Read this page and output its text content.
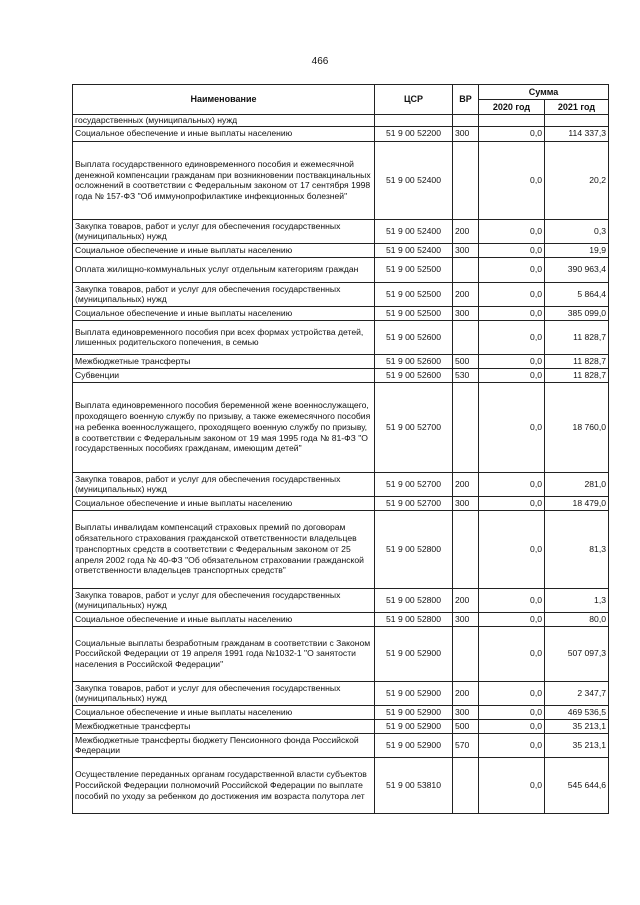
466
Наименование	ЦСР	ВР	Сумма	
			2020 год	2021 год
государственных (муниципальных) нужд				
Социальное обеспечение и иные выплаты населению	51 9 00 52200	300	0,0	114 337,3
Выплата государственного единовременного пособия и ежемесячной денежной компенсации гражданам при возникновении поствакцинальных осложнений в соответствии с Федеральным законом от 17 сентября 1998 года № 157-ФЗ "Об иммунопрофилактике инфекционных болезней"	51 9 00 52400		0,0	20,2
Закупка товаров, работ и услуг для обеспечения государственных (муниципальных) нужд	51 9 00 52400	200	0,0	0,3
Социальное обеспечение и иные выплаты населению	51 9 00 52400	300	0,0	19,9
Оплата жилищно-коммунальных услуг отдельным категориям граждан	51 9 00 52500		0,0	390 963,4
Закупка товаров, работ и услуг для обеспечения государственных (муниципальных) нужд	51 9 00 52500	200	0,0	5 864,4
Социальное обеспечение и иные выплаты населению	51 9 00 52500	300	0,0	385 099,0
Выплата единовременного пособия при всех формах устройства детей, лишенных родительского попечения, в семью	51 9 00 52600		0,0	11 828,7
Межбюджетные трансферты	51 9 00 52600	500	0,0	11 828,7
Субвенции	51 9 00 52600	530	0,0	11 828,7
Выплата единовременного пособия беременной жене военнослужащего, проходящего военную службу по призыву, а также ежемесячного пособия на ребенка военнослужащего, проходящего военную службу по призыву, в соответствии с Федеральным законом от 19 мая 1995 года № 81-ФЗ "О государственных пособиях гражданам, имеющим детей"	51 9 00 52700		0,0	18 760,0
Закупка товаров, работ и услуг для обеспечения государственных (муниципальных) нужд	51 9 00 52700	200	0,0	281,0
Социальное обеспечение и иные выплаты населению	51 9 00 52700	300	0,0	18 479,0
Выплаты инвалидам компенсаций страховых премий по договорам обязательного страхования гражданской ответственности владельцев транспортных средств в соответствии с Федеральным законом от 25 апреля 2002 года № 40-ФЗ "Об обязательном страховании гражданской ответственности владельцев транспортных средств"	51 9 00 52800		0,0	81,3
Закупка товаров, работ и услуг для обеспечения государственных (муниципальных) нужд	51 9 00 52800	200	0,0	1,3
Социальное обеспечение и иные выплаты населению	51 9 00 52800	300	0,0	80,0
Социальные выплаты безработным гражданам в соответствии с Законом Российской Федерации от 19 апреля 1991 года №1032-1 "О занятости населения в Российской Федерации"	51 9 00 52900		0,0	507 097,3
Закупка товаров, работ и услуг для обеспечения государственных (муниципальных) нужд	51 9 00 52900	200	0,0	2 347,7
Социальное обеспечение и иные выплаты населению	51 9 00 52900	300	0,0	469 536,5
Межбюджетные трансферты	51 9 00 52900	500	0,0	35 213,1
Межбюджетные трансферты бюджету Пенсионного фонда Российской Федерации	51 9 00 52900	570	0,0	35 213,1
Осуществление переданных органам государственной власти субъектов Российской Федерации полномочий Российской Федерации по выплате пособий по уходу за ребенком до достижения им возраста полутора лет	51 9 00 53810		0,0	545 644,6
